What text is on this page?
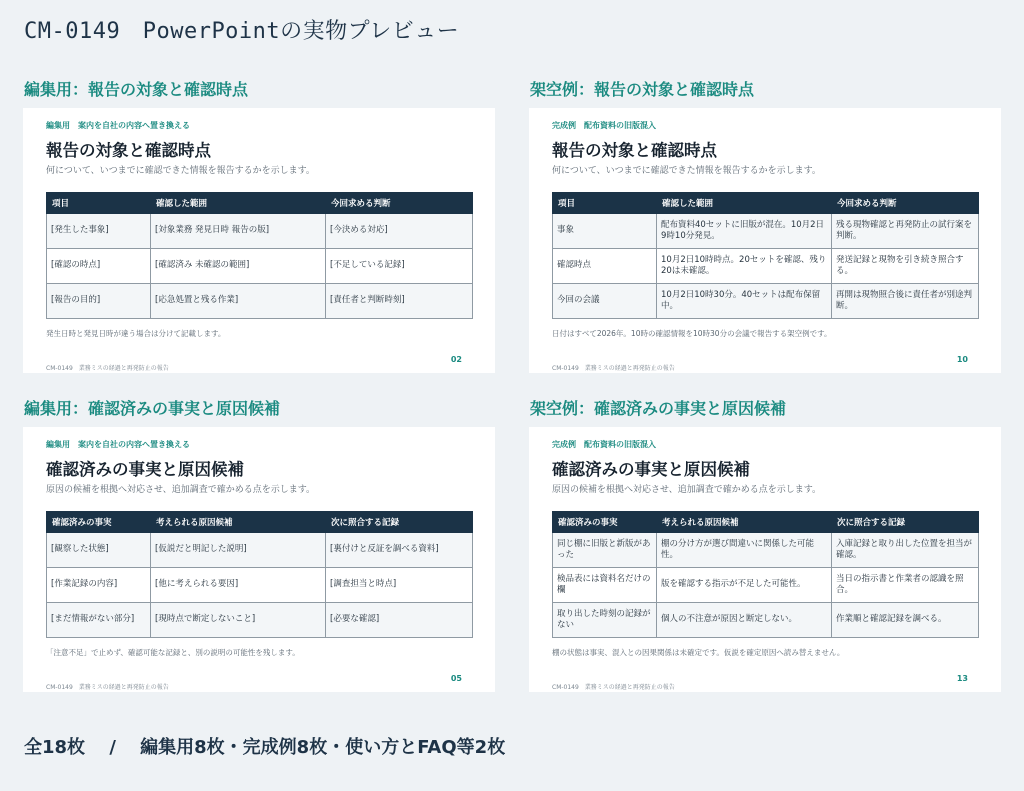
CM-0149　PowerPointの実物プレビュー
編集用：報告の対象と確認時点
編集用　案内を自社の内容へ置き換える
報告の対象と確認時点
何について、いつまでに確認できた情報を報告するかを示します。
項目	確認した範囲	今回求める判断
[発生した事象]	[対象業務 発見日時 報告の版]	[今決める対応]
[確認の時点]	[確認済み 未確認の範囲]	[不足している記録]
[報告の目的]	[応急処置と残る作業]	[責任者と判断時刻]
発生日時と発見日時が違う場合は分けて記載します。
CM-0149　業務ミスの経過と再発防止の報告
02
架空例：報告の対象と確認時点
完成例　配布資料の旧版混入
報告の対象と確認時点
何について、いつまでに確認できた情報を報告するかを示します。
項目	確認した範囲	今回求める判断
事象	配布資料40セットに旧版が混在。10月2日9時10分発見。	残る現物確認と再発防止の試行案を判断。
確認時点	10月2日10時時点。20セットを確認、残り20は未確認。	発送記録と現物を引き続き照合する。
今回の会議	10月2日10時30分。40セットは配布保留中。	再開は現物照合後に責任者が別途判断。
日付はすべて2026年。10時の確認情報を10時30分の会議で報告する架空例です。
CM-0149　業務ミスの経過と再発防止の報告
10
編集用：確認済みの事実と原因候補
編集用　案内を自社の内容へ置き換える
確認済みの事実と原因候補
原因の候補を根拠へ対応させ、追加調査で確かめる点を示します。
確認済みの事実	考えられる原因候補	次に照合する記録
[観察した状態]	[仮説だと明記した説明]	[裏付けと反証を調べる資料]
[作業記録の内容]	[他に考えられる要因]	[調査担当と時点]
[まだ情報がない部分]	[現時点で断定しないこと]	[必要な確認]
「注意不足」で止めず、確認可能な記録と、別の説明の可能性を残します。
CM-0149　業務ミスの経過と再発防止の報告
05
架空例：確認済みの事実と原因候補
完成例　配布資料の旧版混入
確認済みの事実と原因候補
原因の候補を根拠へ対応させ、追加調査で確かめる点を示します。
確認済みの事実	考えられる原因候補	次に照合する記録
同じ棚に旧版と新版があった	棚の分け方が選び間違いに関係した可能性。	入庫記録と取り出した位置を担当が確認。
検品表には資料名だけの欄	版を確認する指示が不足した可能性。	当日の指示書と作業者の認識を照合。
取り出した時刻の記録がない	個人の不注意が原因と断定しない。	作業順と確認記録を調べる。
棚の状態は事実、混入との因果関係は未確定です。仮説を確定原因へ読み替えません。
CM-0149　業務ミスの経過と再発防止の報告
13
全18枚　 /　 編集用8枚・完成例8枚・使い方とFAQ等2枚
